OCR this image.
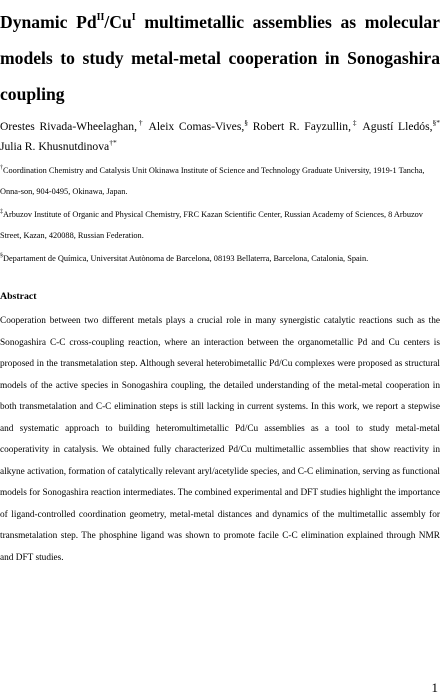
Dynamic $Pd^{II}/Cu^I$ multimetallic assemblies as molecular models to study metal-metal cooperation in Sonogashira coupling
Orestes Rivada-Wheelaghan,† Aleix Comas-Vives,§ Robert R. Fayzullin,‡ Agustí Lledós,§* Julia R. Khusnutdinova†*

†Coordination Chemistry and Catalysis Unit Okinawa Institute of Science and Technology Graduate University, 1919-1 Tancha, Onna-son, 904-0495, Okinawa, Japan.

‡Arbuzov Institute of Organic and Physical Chemistry, FRC Kazan Scientific Center, Russian Academy of Sciences, 8 Arbuzov Street, Kazan, 420088, Russian Federation.

§Departament de Química, Universitat Autònoma de Barcelona, 08193 Bellaterra, Barcelona, Catalonia, Spain.

Abstract
Cooperation between two different metals plays a crucial role in many synergistic catalytic reactions such as the Sonogashira C-C cross-coupling reaction, where an interaction between the organometallic Pd and Cu centers is proposed in the transmetalation step. Although several heterobimetallic Pd/Cu complexes were proposed as structural models of the active species in Sonogashira coupling, the detailed understanding of the metal-metal cooperation in both transmetalation and C-C elimination steps is still lacking in current systems. In this work, we report a stepwise and systematic approach to building heteromultimetallic Pd/Cu assemblies as a tool to study metal-metal cooperativity in catalysis. We obtained fully characterized Pd/Cu multimetallic assemblies that show reactivity in alkyne activation, formation of catalytically relevant aryl/acetylide species, and C-C elimination, serving as functional models for Sonogashira reaction intermediates. The combined experimental and DFT studies highlight the importance of ligand-controlled coordination geometry, metal-metal distances and dynamics of the multimetallic assembly for transmetalation step. The phosphine ligand was shown to promote facile C-C elimination explained through NMR and DFT studies.
1
